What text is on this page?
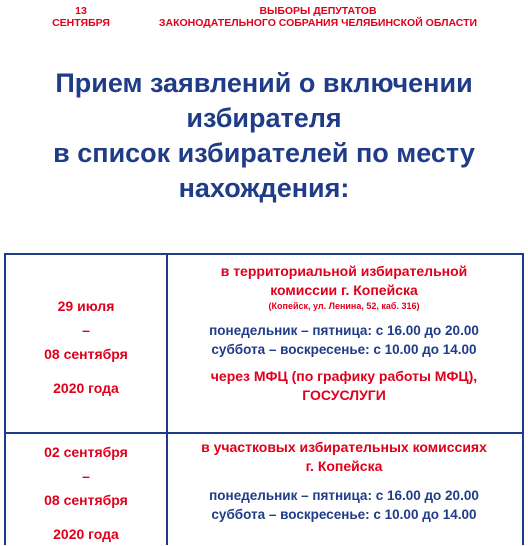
13
СЕНТЯБРЯ
ВЫБОРЫ ДЕПУТАТОВ
ЗАКОНОДАТЕЛЬНОГО СОБРАНИЯ ЧЕЛЯБИНСКОЙ ОБЛАСТИ
Прием заявлений о включении
избирателя
в список избирателей по месту
нахождения:
29 июля
–
08 сентября
2020 года
в территориальной избирательной
комиссии г. Копейска
(Копейск, ул. Ленина, 52, каб. 316)
понедельник – пятница: с 16.00 до 20.00
суббота – воскресенье: с 10.00 до 14.00
через МФЦ (по графику работы МФЦ),
ГОСУСЛУГИ
02 сентября
–
08 сентября
2020 года
в участковых избирательных комиссиях
г. Копейска
понедельник – пятница: с 16.00 до 20.00
суббота – воскресенье: с 10.00 до 14.00
